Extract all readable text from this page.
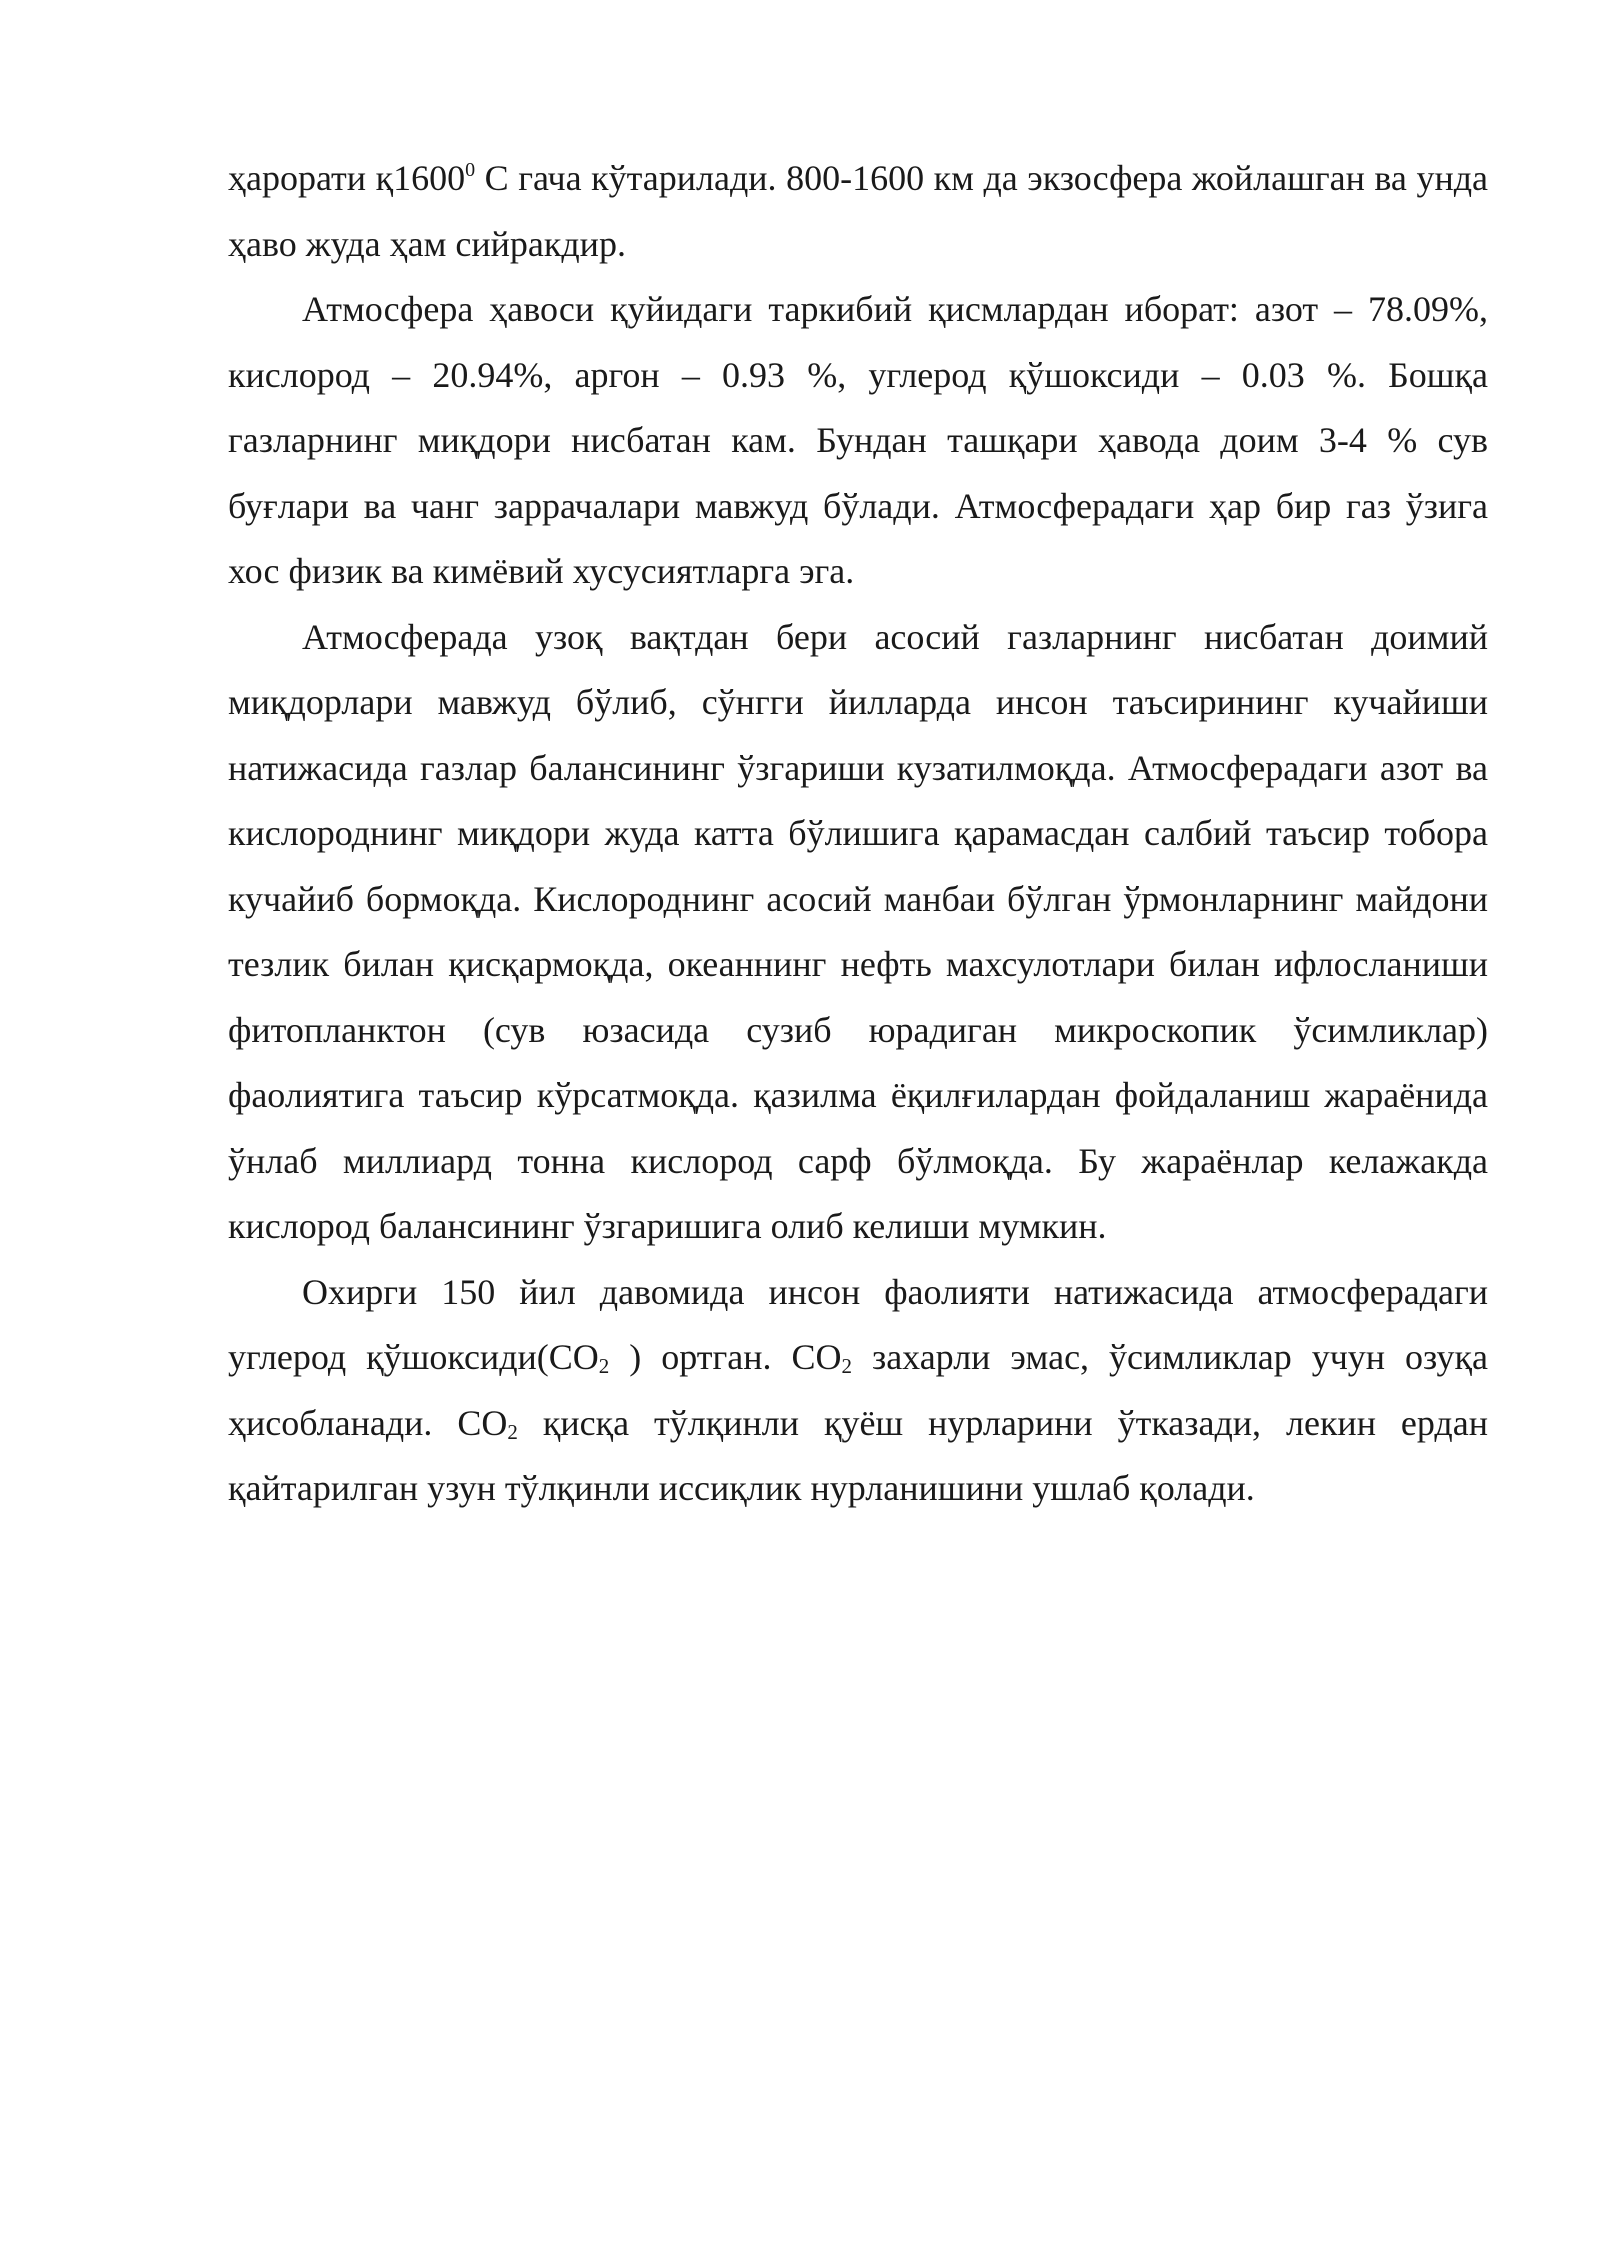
ҳарорати қ1600$^0$ С гача кўтарилади. 800-1600 км да экзосфера жойлашган ва унда ҳаво жуда ҳам сийракдир.

Атмосфера ҳавоси қуйидаги таркибий қисмлардан иборат: азот – 78.09%, кислород – 20.94%, аргон – 0.93 %, углерод қўшоксиди – 0.03 %. Бошқа газларнинг миқдори нисбатан кам. Бундан ташқари ҳавода доим 3-4 % сув буғлари ва чанг заррачалари мавжуд бўлади. Атмосферадаги ҳар бир газ ўзига хос физик ва кимёвий хусусиятларга эга.

Атмосферада узоқ вақтдан бери асосий газларнинг нисбатан доимий миқдорлари мавжуд бўлиб, сўнгги йилларда инсон таъсирининг кучайиши натижасида газлар балансининг ўзгариши кузатилмоқда. Атмосферадаги азот ва кислороднинг миқдори жуда катта бўлишига қарамасдан салбий таъсир тобора кучайиб бормоқда. Кислороднинг асосий манбаи бўлган ўрмонларнинг майдони тезлик билан қисқармоқда, океаннинг нефть махсулотлари билан ифлосланиши фитопланктон (сув юзасида сузиб юрадиган микроскопик ўсимликлар) фаолиятига таъсир кўрсатмоқда. қазилма ёқилғилардан фойдаланиш жараёнида ўнлаб миллиард тонна кислород сарф бўлмоқда. Бу жараёнлар келажакда кислород балансининг ўзгаришига олиб келиши мумкин.

Охирги 150 йил давомида инсон фаолияти натижасида атмосферадаги углерод $қўшоксиди(СО_2$ ) ортган. $СО_2$ захарли эмас, ўсимликлар учун озуқа ҳисобланади. $СО_2$ қисқа тўлқинли қуёш нурларини ўтказади, лекин ердан қайтарилган узун тўлқинли иссиқлик нурланишини ушлаб қолади.
